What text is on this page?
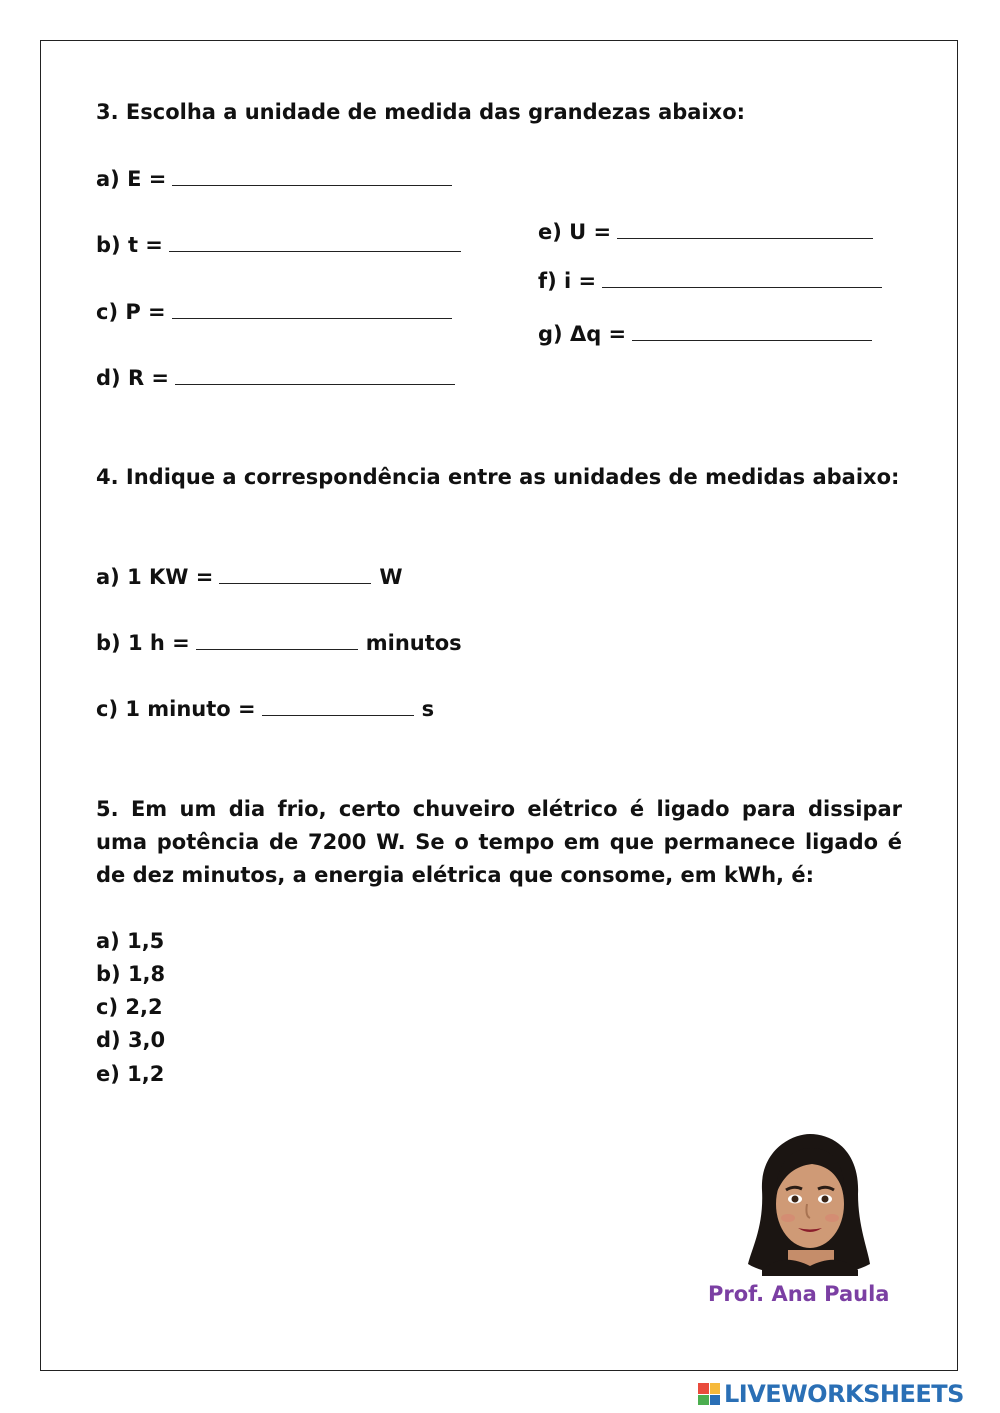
3. Escolha a unidade de medida das grandezas abaixo:
a) E =
b) t =
c) P =
d) R =
e) U =
f) i =
g) Δq =
4. Indique a correspondência entre as unidades de medidas abaixo:
a) 1 KW =	W
b) 1 h =	minutos
c) 1 minuto =	s
5. Em um dia frio, certo chuveiro elétrico é ligado para dissipar uma potência de 7200 W. Se o tempo em que permanece ligado é de dez minutos, a energia elétrica que consome, em kWh, é:
a) 1,5
b) 1,8
c) 2,2
d) 3,0
e) 1,2
Prof. Ana Paula
LIVEWORKSHEETS
